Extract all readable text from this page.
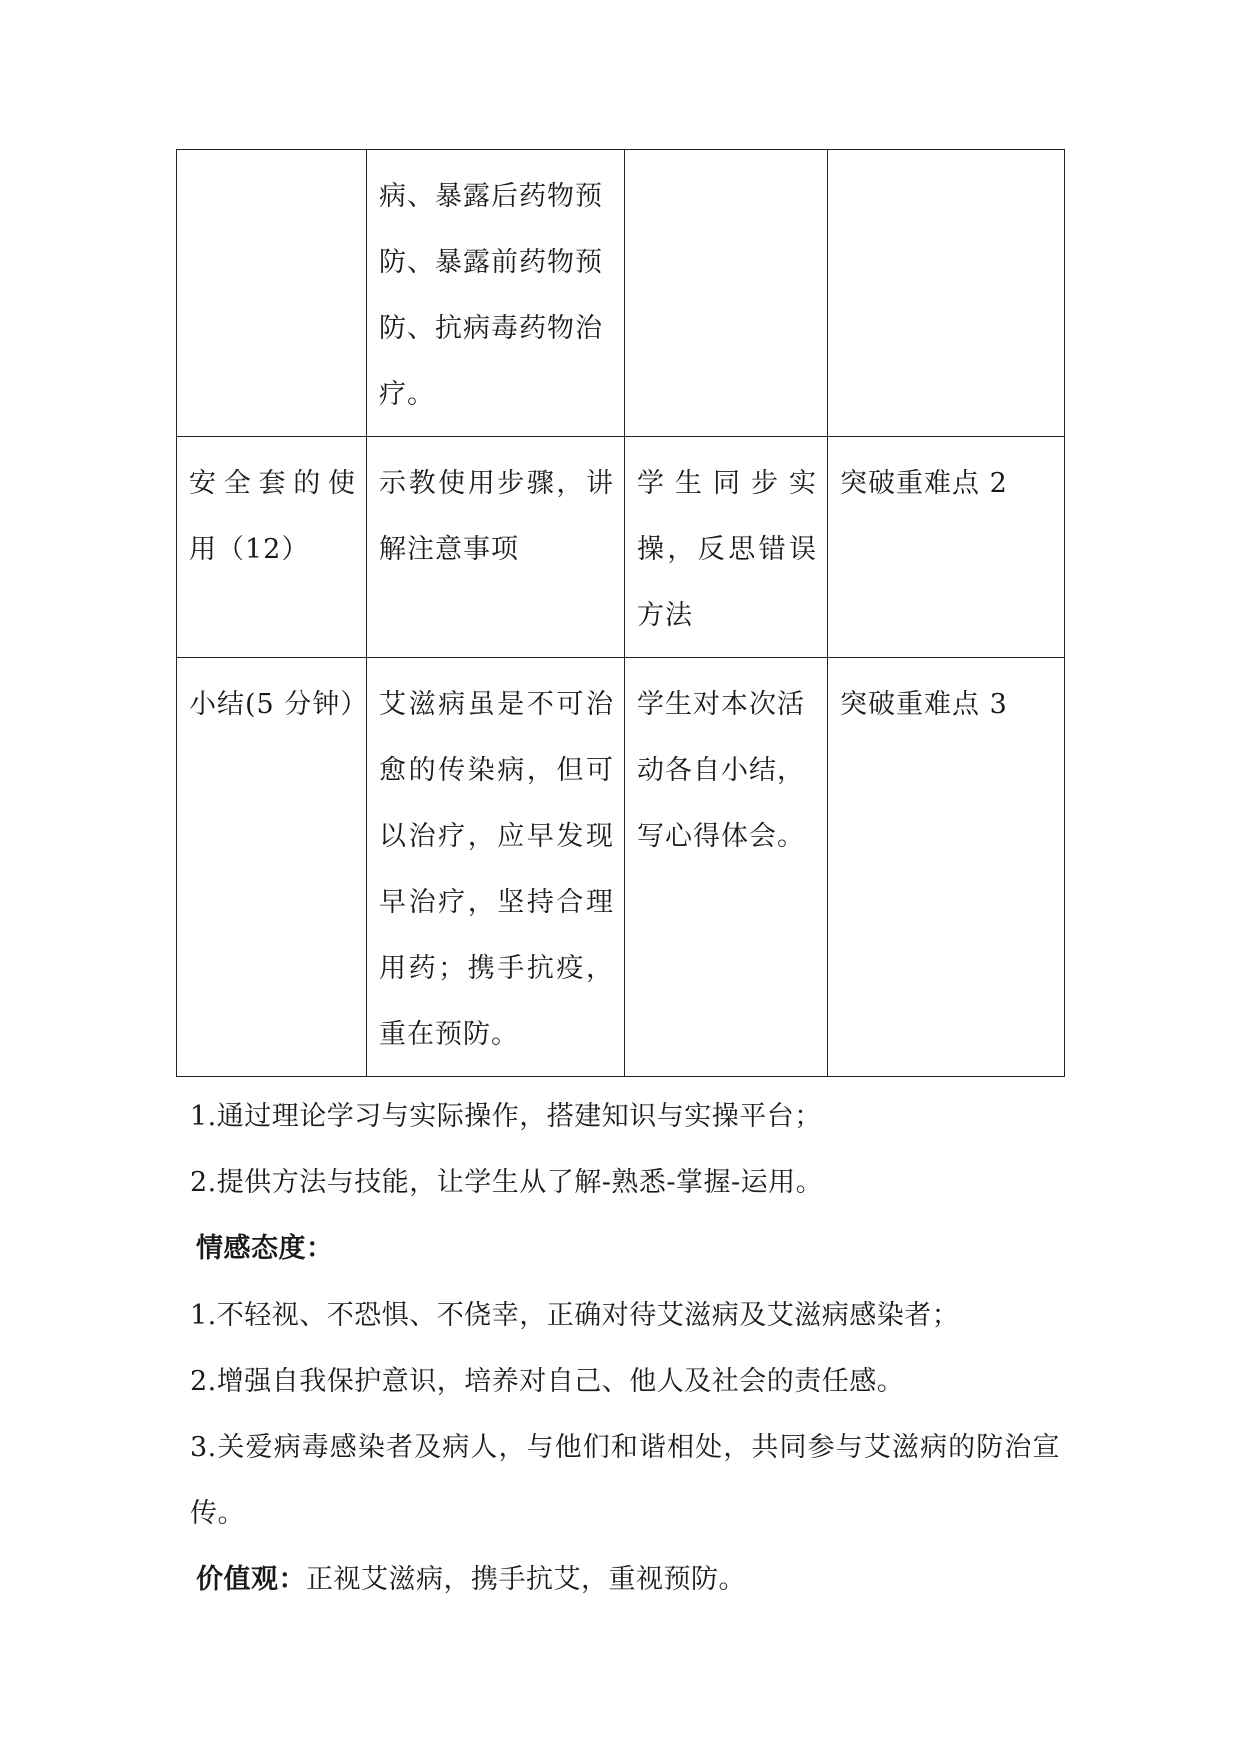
	病、暴露后药物预防、暴露前药物预防、抗病毒药物治疗。		
安全套的使用（12）	示教使用步骤，讲解注意事项	学生同步实操，反思错误方法	突破重难点 2
小结(5 分钟）	艾滋病虽是不可治愈的传染病，但可以治疗，应早发现早治疗，坚持合理用药；携手抗疫，重在预防。	学生对本次活动各自小结，写心得体会。	突破重难点 3

1.通过理论学习与实际操作，搭建知识与实操平台；

2.提供方法与技能，让学生从了解-熟悉-掌握-运用。

情感态度：

1.不轻视、不恐惧、不侥幸，正确对待艾滋病及艾滋病感染者；

2.增强自我保护意识，培养对自己、他人及社会的责任感。

3.关爱病毒感染者及病人，与他们和谐相处，共同参与艾滋病的防治宣传。

价值观：正视艾滋病，携手抗艾，重视预防。
